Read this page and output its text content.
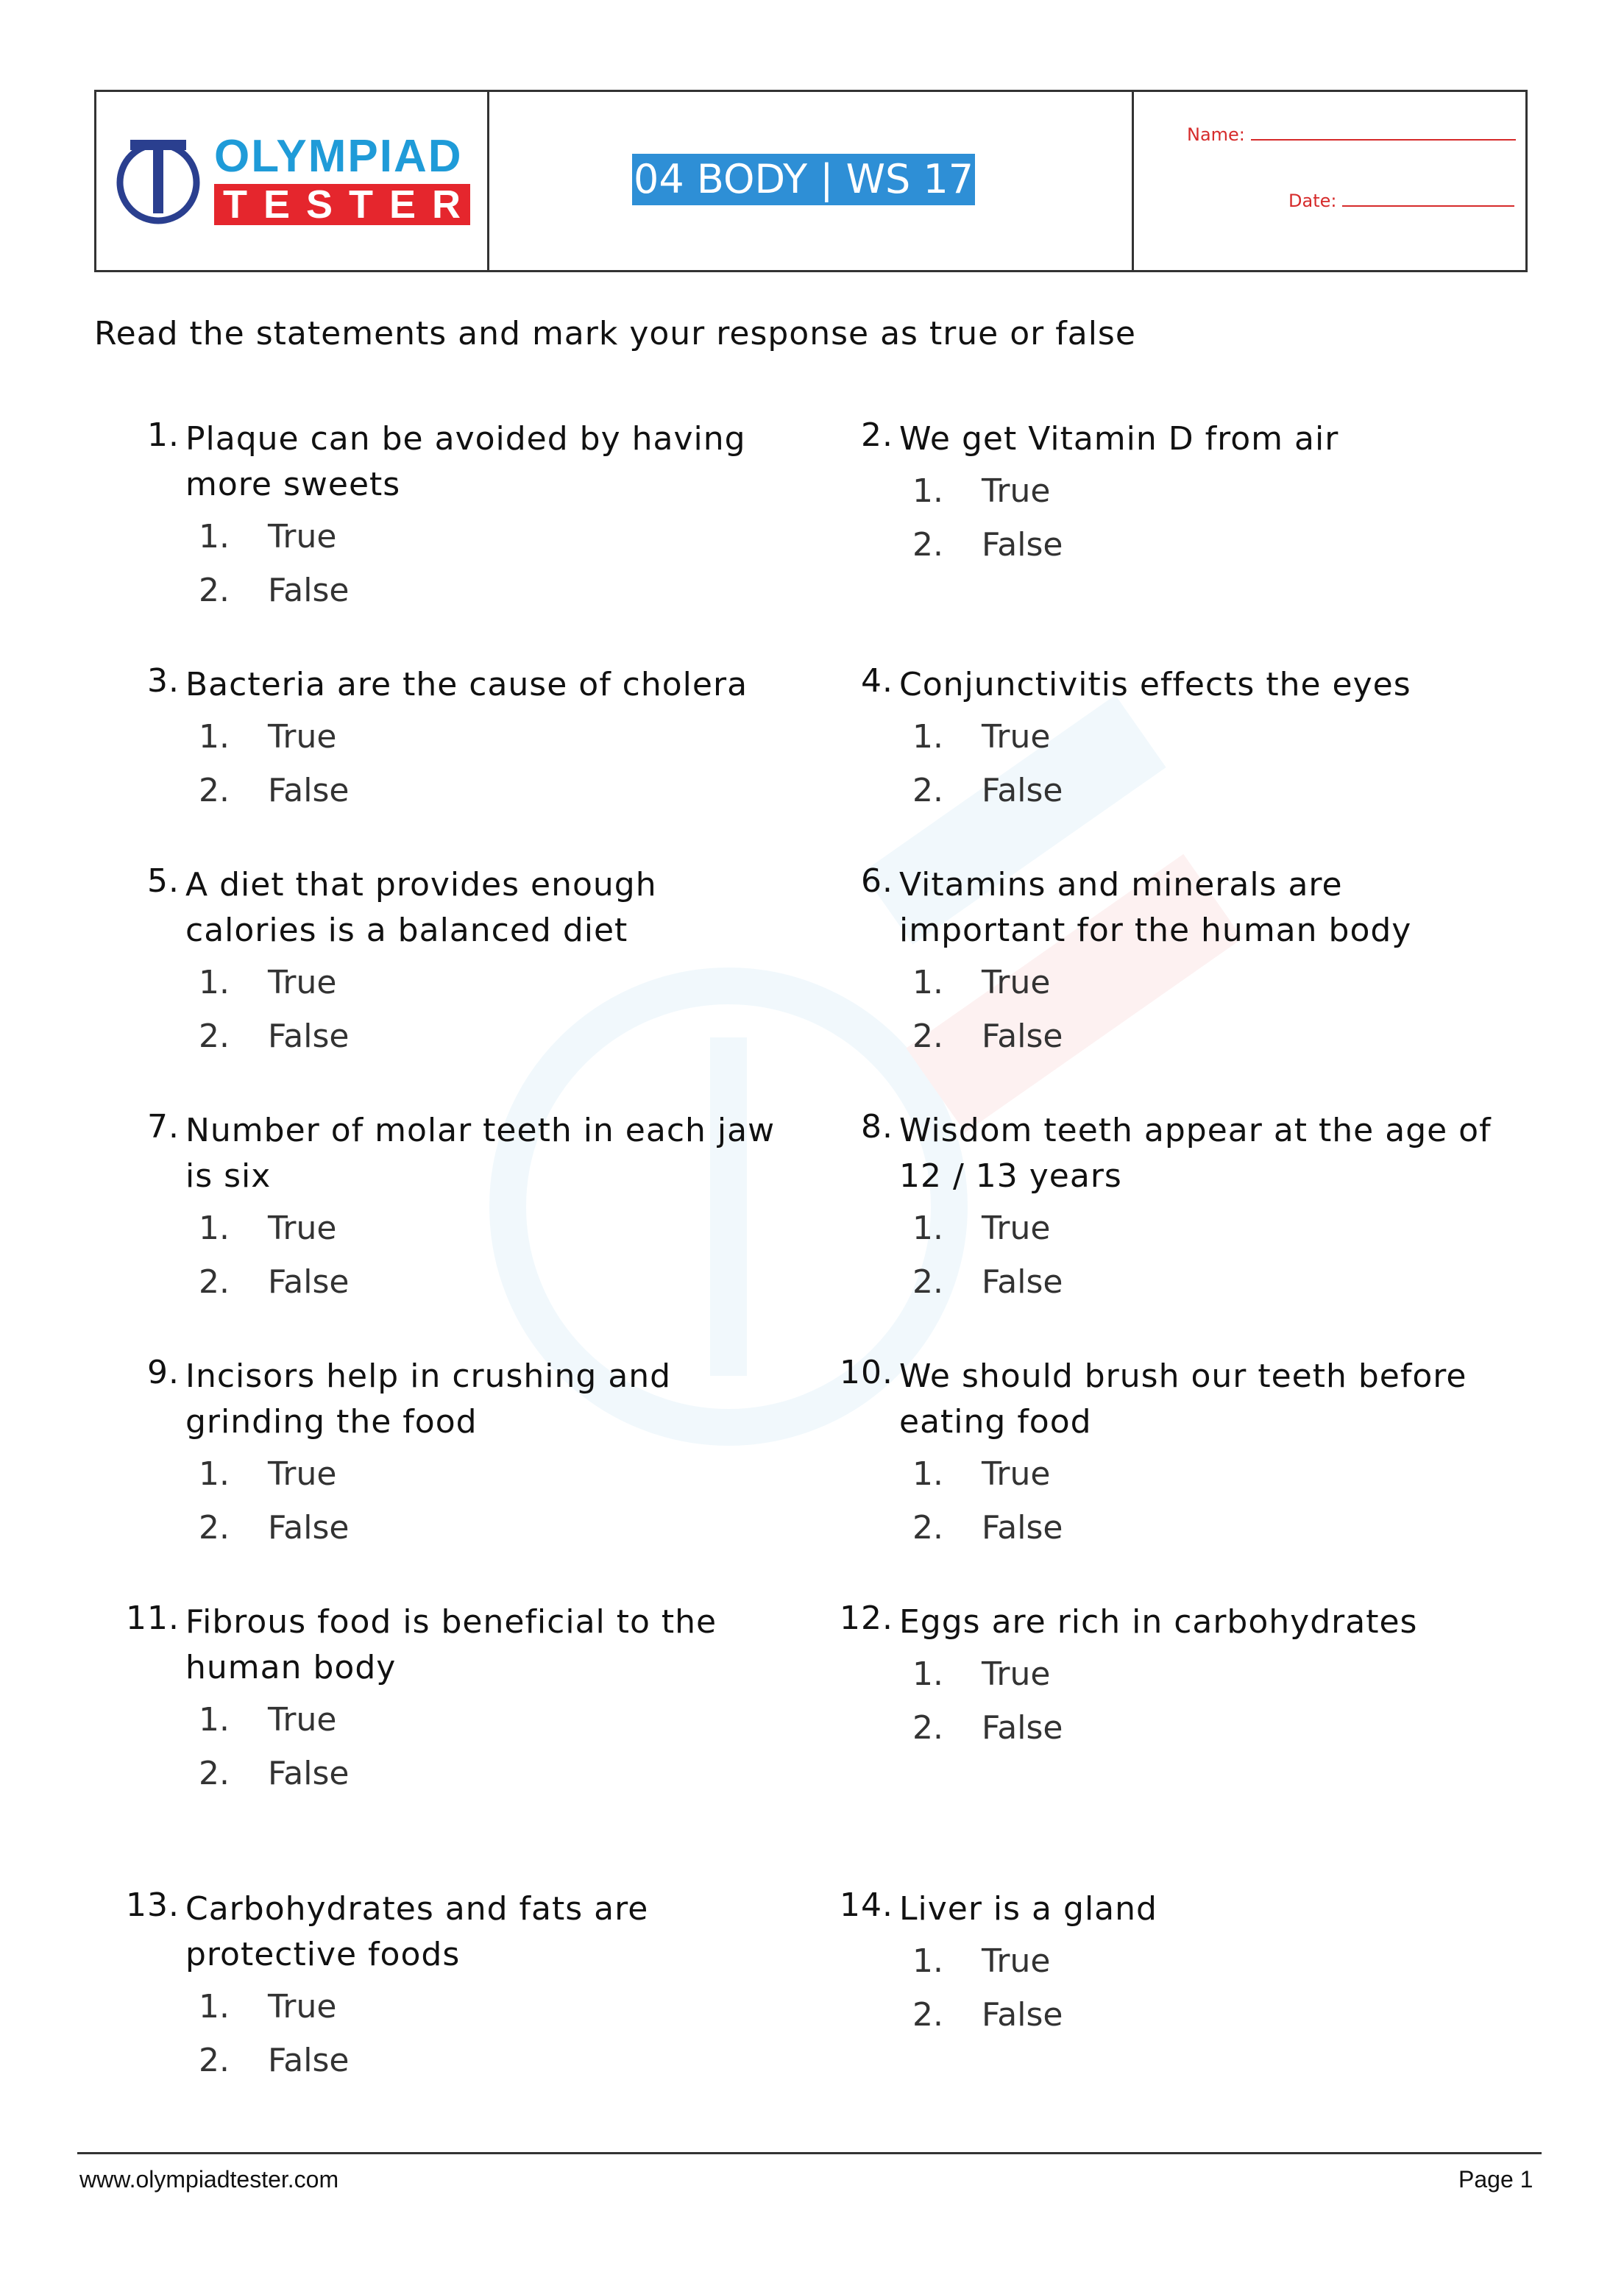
OLYMPIAD
TESTER
04 BODY | WS 17
Name:
Date:
Read the statements and mark your response as true or false
1. Plaque can be avoided by having more sweets
1. True
2. False
3. Bacteria are the cause of cholera
1. True
2. False
5. A diet that provides enough calories is a balanced diet
1. True
2. False
7. Number of molar teeth in each jaw is six
1. True
2. False
9. Incisors help in crushing and grinding the food
1. True
2. False
11. Fibrous food is beneficial to the human body
1. True
2. False
13. Carbohydrates and fats are protective foods
1. True
2. False
2. We get Vitamin D from air
1. True
2. False
4. Conjunctivitis effects the eyes
1. True
2. False
6. Vitamins and minerals are important for the human body
1. True
2. False
8. Wisdom teeth appear at the age of 12 / 13 years
1. True
2. False
10. We should brush our teeth before eating food
1. True
2. False
12. Eggs are rich in carbohydrates
1. True
2. False
14. Liver is a gland
1. True
2. False
www.olympiadtester.com	Page 1
